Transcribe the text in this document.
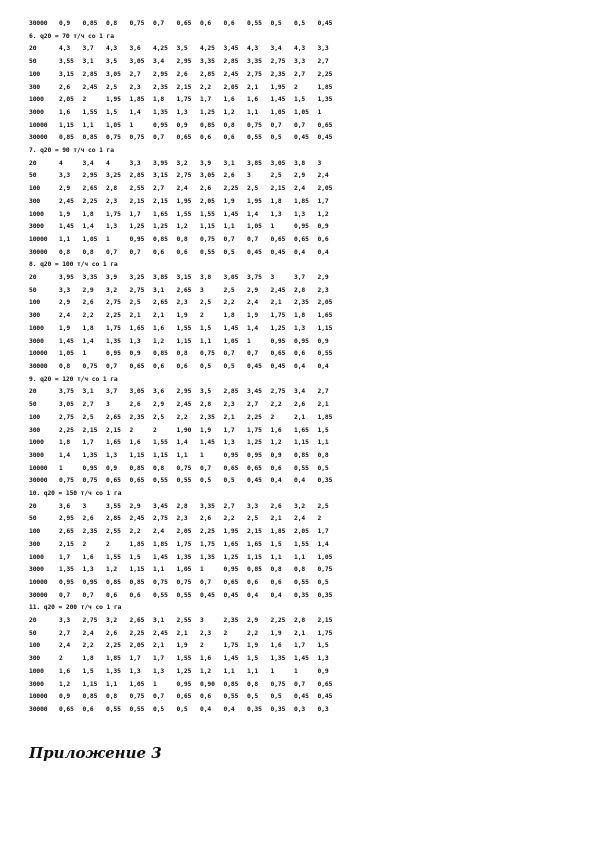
30000	0,9	0,85	0,8	0,75	0,7	0,65	0,6	0,6	0,55	0,5	0,5	0,45
6. q20 = 70 т/ч со 1 га												
20	4,3	3,7	4,3	3,6	4,25	3,5	4,25	3,45	4,3	3,4	4,3	3,3
50	3,55	3,1	3,5	3,05	3,4	2,95	3,35	2,85	3,35	2,75	3,3	2,7
100	3,15	2,85	3,05	2,7	2,95	2,6	2,85	2,45	2,75	2,35	2,7	2,25
300	2,6	2,45	2,5	2,3	2,35	2,15	2,2	2,05	2,1	1,95	2	1,85
1000	2,05	2	1,95	1,85	1,8	1,75	1,7	1,6	1,6	1,45	1,5	1,35
3000	1,6	1,55	1,5	1,4	1,35	1,3	1,25	1,2	1,1	1,05	1,05	1
10000	1,15	1,1	1,05	1	0,95	0,9	0,85	0,8	0,75	0,7	0,7	0,65
30000	0,85	0,85	0,75	0,75	0,7	0,65	0,6	0,6	0,55	0,5	0,45	0,45
7. q20 = 90 т/ч со 1 га												
20	4	3,4	4	3,3	3,95	3,2	3,9	3,1	3,85	3,05	3,8	3
50	3,3	2,95	3,25	2,85	3,15	2,75	3,05	2,6	3	2,5	2,9	2,4
100	2,9	2,65	2,8	2,55	2,7	2,4	2,6	2,25	2,5	2,15	2,4	2,05
300	2,45	2,25	2,3	2,15	2,15	1,95	2,05	1,9	1,95	1,8	1,85	1,7
1000	1,9	1,8	1,75	1,7	1,65	1,55	1,55	1,45	1,4	1,3	1,3	1,2
3000	1,45	1,4	1,3	1,25	1,25	1,2	1,15	1,1	1,05	1	0,95	0,9
10000	1,1	1,05	1	0,95	0,85	0,8	0,75	0,7	0,7	0,65	0,65	0,6
30000	0,8	0,8	0,7	0,7	0,6	0,6	0,55	0,5	0,45	0,45	0,4	0,4
8. q20 = 100 т/ч со 1 га												
20	3,95	3,35	3,9	3,25	3,85	3,15	3,8	3,05	3,75	3	3,7	2,9
50	3,3	2,9	3,2	2,75	3,1	2,65	3	2,5	2,9	2,45	2,8	2,3
100	2,9	2,6	2,75	2,5	2,65	2,3	2,5	2,2	2,4	2,1	2,35	2,05
300	2,4	2,2	2,25	2,1	2,1	1,9	2	1,8	1,9	1,75	1,8	1,65
1000	1,9	1,8	1,75	1,65	1,6	1,55	1,5	1,45	1,4	1,25	1,3	1,15
3000	1,45	1,4	1,35	1,3	1,2	1,15	1,1	1,05	1	0,95	0,95	0,9
10000	1,05	1	0,95	0,9	0,85	0,8	0,75	0,7	0,7	0,65	0,6	0,55
30000	0,8	0,75	0,7	0,65	0,6	0,6	0,5	0,5	0,45	0,45	0,4	0,4
9. q20 = 120 т/ч со 1 га												
20	3,75	3,1	3,7	3,05	3,6	2,95	3,5	2,85	3,45	2,75	3,4	2,7
50	3,05	2,7	3	2,6	2,9	2,45	2,8	2,3	2,7	2,2	2,6	2,1
100	2,75	2,5	2,65	2,35	2,5	2,2	2,35	2,1	2,25	2	2,1	1,85
300	2,25	2,15	2,15	2	2	1,90	1,9	1,7	1,75	1,6	1,65	1,5
1000	1,8	1,7	1,65	1,6	1,55	1,4	1,45	1,3	1,25	1,2	1,15	1,1
3000	1,4	1,35	1,3	1,15	1,15	1,1	1	0,95	0,95	0,9	0,85	0,8
10000	1	0,95	0,9	0,85	0,8	0,75	0,7	0,65	0,65	0,6	0,55	0,5
30000	0,75	0,75	0,65	0,65	0,55	0,55	0,5	0,5	0,45	0,4	0,4	0,35
10. q20 = 150 т/ч со 1 га												
20	3,6	3	3,55	2,9	3,45	2,8	3,35	2,7	3,3	2,6	3,2	2,5
50	2,95	2,6	2,85	2,45	2,75	2,3	2,6	2,2	2,5	2,1	2,4	2
100	2,65	2,35	2,55	2,2	2,4	2,05	2,25	1,95	2,15	1,85	2,05	1,7
300	2,15	2	2	1,85	1,85	1,75	1,75	1,65	1,65	1,5	1,55	1,4
1000	1,7	1,6	1,55	1,5	1,45	1,35	1,35	1,25	1,15	1,1	1,1	1,05
3000	1,35	1,3	1,2	1,15	1,1	1,05	1	0,95	0,85	0,8	0,8	0,75
10000	0,95	0,95	0,85	0,85	0,75	0,75	0,7	0,65	0,6	0,6	0,55	0,5
30000	0,7	0,7	0,6	0,6	0,55	0,55	0,45	0,45	0,4	0,4	0,35	0,35
11. q20 = 200 т/ч со 1 га												
20	3,3	2,75	3,2	2,65	3,1	2,55	3	2,35	2,9	2,25	2,8	2,15
50	2,7	2,4	2,6	2,25	2,45	2,1	2,3	2	2,2	1,9	2,1	1,75
100	2,4	2,2	2,25	2,05	2,1	1,9	2	1,75	1,9	1,6	1,7	1,5
300	2	1,8	1,85	1,7	1,7	1,55	1,6	1,45	1,5	1,35	1,45	1,3
1000	1,6	1,5	1,35	1,3	1,3	1,25	1,2	1,1	1,1	1	1	0,9
3000	1,2	1,15	1,1	1,05	1	0,95	0,90	0,85	0,8	0,75	0,7	0,65
10000	0,9	0,85	0,8	0,75	0,7	0,65	0,6	0,55	0,5	0,5	0,45	0,45
30000	0,65	0,6	0,55	0,55	0,5	0,5	0,4	0,4	0,35	0,35	0,3	0,3
Приложение 3
